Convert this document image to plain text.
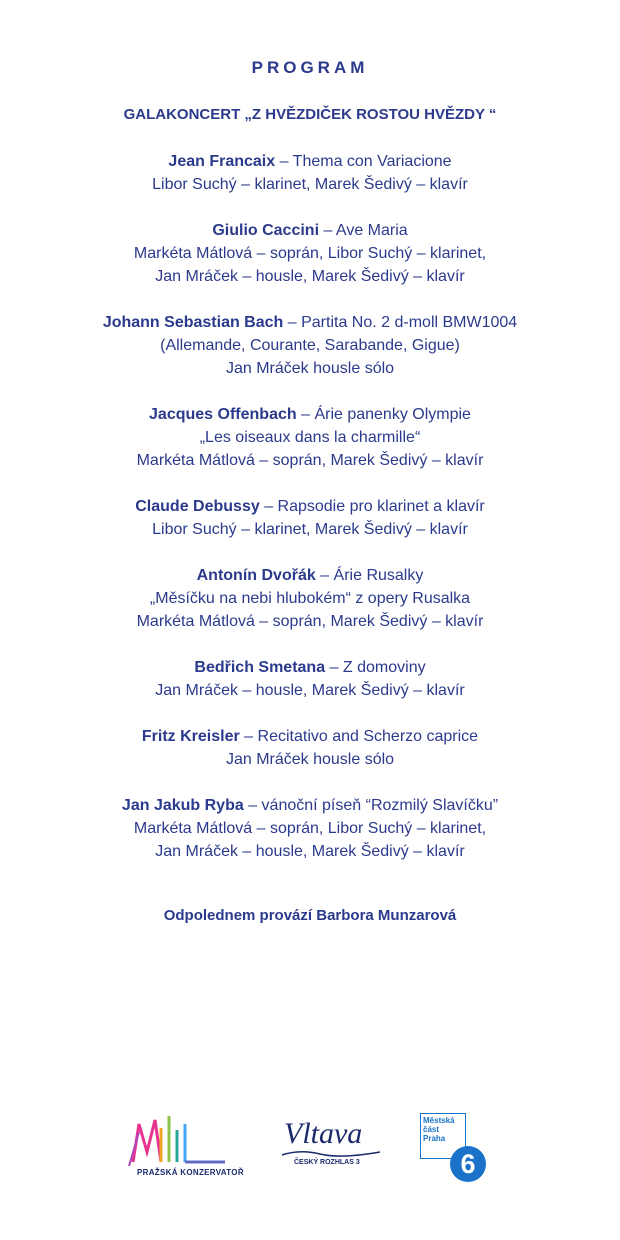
PROGRAM
GALAKONCERT „Z HVĚZDIČEK ROSTOU HVĚZDY “
Jean Francaix – Thema con Variacione
Libor Suchý – klarinet, Marek Šedivý – klavír
Giulio Caccini – Ave Maria
Markéta Mátlová – soprán, Libor Suchý – klarinet,
Jan Mráček – housle, Marek Šedivý – klavír
Johann Sebastian Bach – Partita No. 2 d-moll BMW1004
(Allemande, Courante, Sarabande, Gigue)
Jan Mráček housle sólo
Jacques Offenbach – Árie panenky Olympie
„Les oiseaux dans la charmille“
Markéta Mátlová – soprán, Marek Šedivý – klavír
Claude Debussy – Rapsodie pro klarinet a klavír
Libor Suchý – klarinet, Marek Šedivý – klavír
Antonín Dvořák – Árie Rusalky
„Měsíčku na nebi hlubokém“ z opery Rusalka
Markéta Mátlová – soprán, Marek Šedivý – klavír
Bedřich Smetana – Z domoviny
Jan Mráček – housle, Marek Šedivý – klavír
Fritz Kreisler – Recitativo and Scherzo caprice
Jan Mráček housle sólo
Jan Jakub Ryba – vánoční píseň “Rozmilý Slavíčku”
Markéta Mátlová – soprán, Libor Suchý – klarinet,
Jan Mráček – housle, Marek Šedivý – klavír
Odpolednem provází Barbora Munzarová
PRAŽSKÁ KONZERVATOŘ
Vltava
ČESKÝ ROZHLAS 3
Městská
část
Praha
6
